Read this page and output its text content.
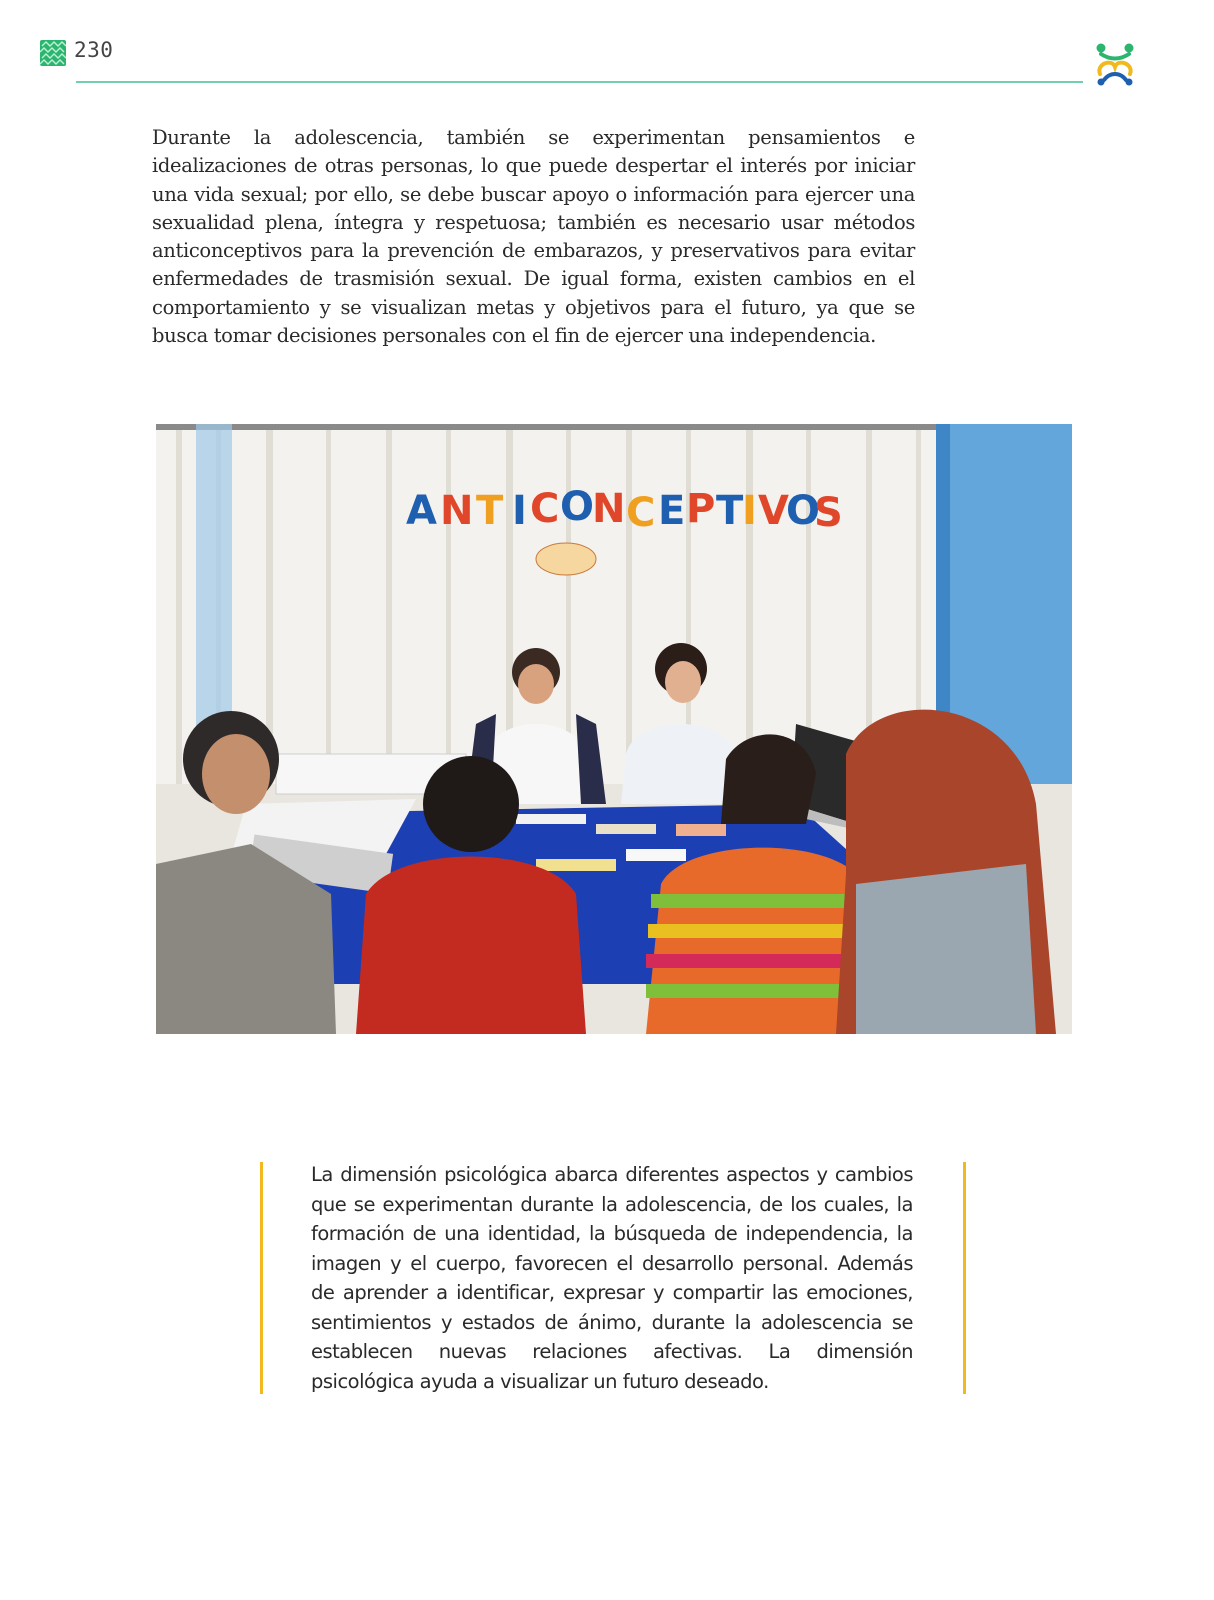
230

Durante la adolescencia, también se experimentan pensamientos e idealizaciones de otras personas, lo que puede despertar el interés por iniciar una vida sexual; por ello, se debe buscar apoyo o información para ejercer una sexualidad plena, íntegra y respetuosa; también es necesario usar métodos anticonceptivos para la prevención de embarazos, y preservativos para evitar enfermedades de trasmisión sexual. De igual forma, existen cambios en el comportamiento y se visualizan metas y objetivos para el futuro, ya que se busca tomar decisiones personales con el fin de ejercer una independencia.

A N T I C O
N C E P T
I V
O
S

La dimensión psicológica abarca diferentes aspectos y cambios que se experimentan durante la adolescencia, de los cuales, la formación de una identidad, la búsqueda de independencia, la imagen y el cuerpo, favorecen el desarrollo personal. Además de aprender a identificar, expresar y compartir las emociones, sentimientos y estados de ánimo, durante la adolescencia se establecen nuevas relaciones afectivas. La dimensión psicológica ayuda a visualizar un futuro deseado.
